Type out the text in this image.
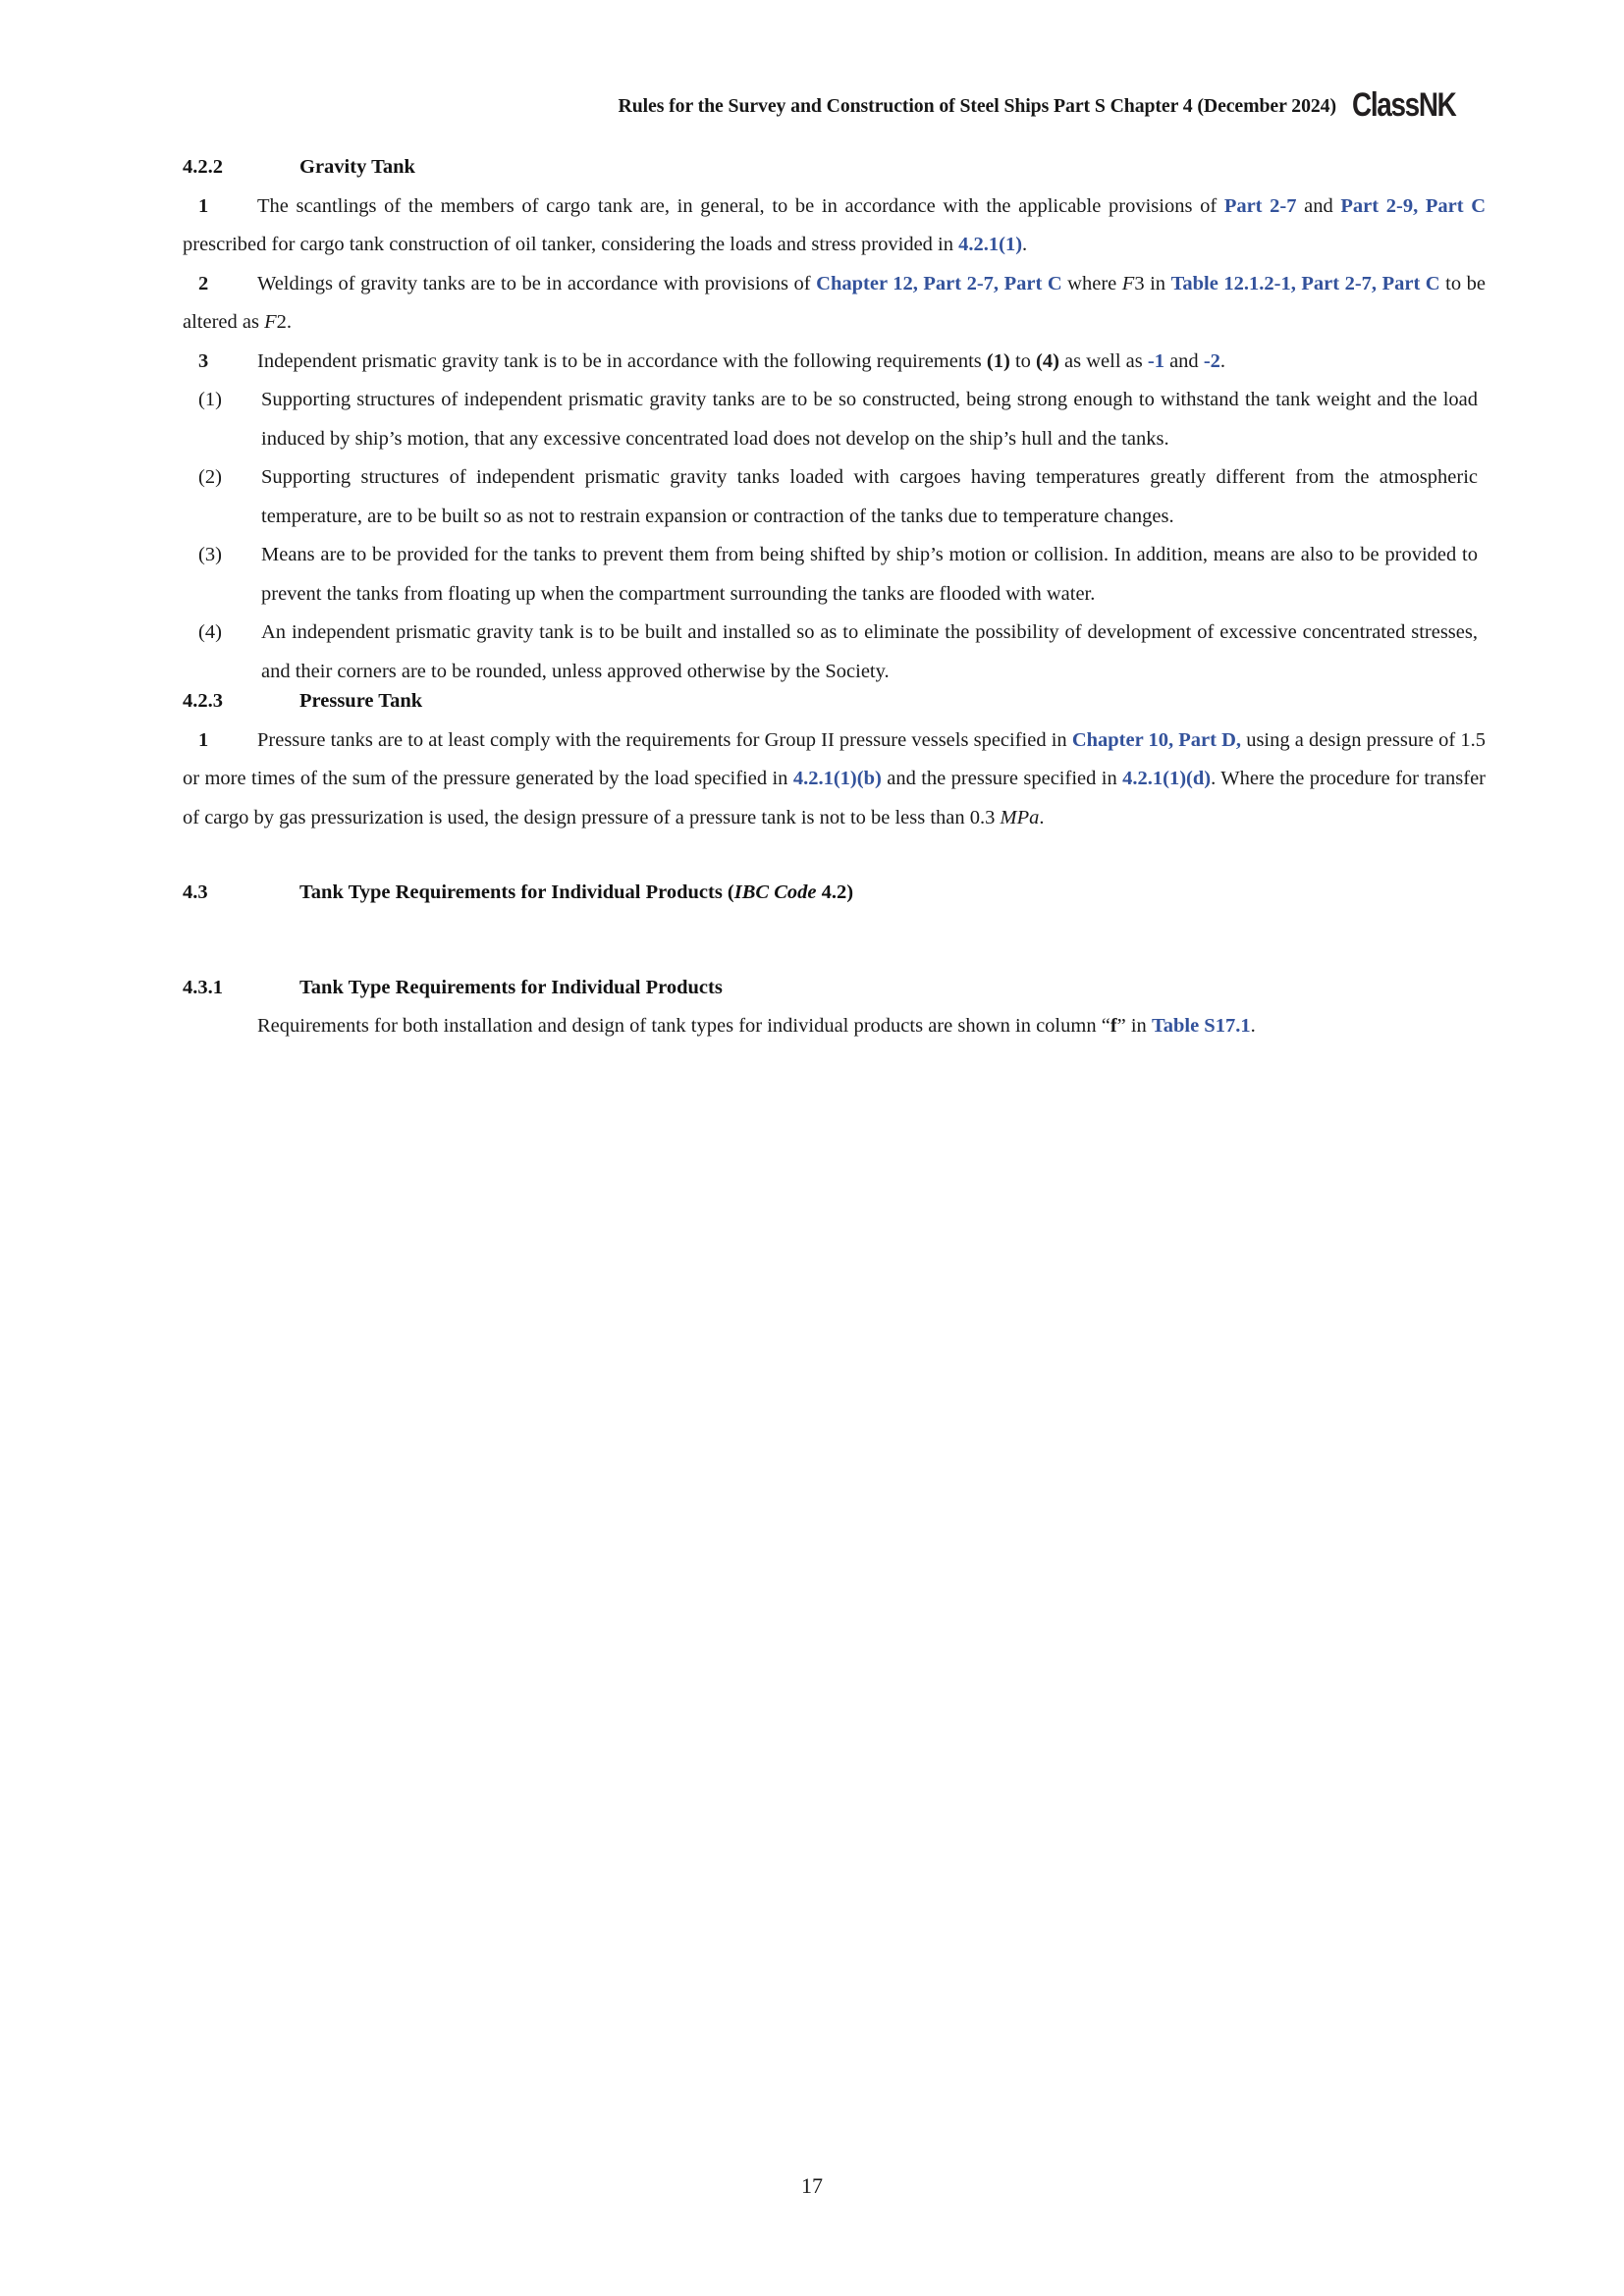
Rules for the Survey and Construction of Steel Ships Part S Chapter 4 (December 2024) ClassNK
4.2.2	Gravity Tank
1 The scantlings of the members of cargo tank are, in general, to be in accordance with the applicable provisions of Part 2-7 and Part 2-9, Part C prescribed for cargo tank construction of oil tanker, considering the loads and stress provided in 4.2.1(1).
2 Weldings of gravity tanks are to be in accordance with provisions of Chapter 12, Part 2-7, Part C where F3 in Table 12.1.2-1, Part 2-7, Part C to be altered as F2.
3 Independent prismatic gravity tank is to be in accordance with the following requirements (1) to (4) as well as -1 and -2.
(1)	Supporting structures of independent prismatic gravity tanks are to be so constructed, being strong enough to withstand the tank weight and the load induced by ship’s motion, that any excessive concentrated load does not develop on the ship’s hull and the tanks.
(2)	Supporting structures of independent prismatic gravity tanks loaded with cargoes having temperatures greatly different from the atmospheric temperature, are to be built so as not to restrain expansion or contraction of the tanks due to temperature changes.
(3)	Means are to be provided for the tanks to prevent them from being shifted by ship’s motion or collision. In addition, means are also to be provided to prevent the tanks from floating up when the compartment surrounding the tanks are flooded with water.
(4)	An independent prismatic gravity tank is to be built and installed so as to eliminate the possibility of development of excessive concentrated stresses, and their corners are to be rounded, unless approved otherwise by the Society.
4.2.3	Pressure Tank
1 Pressure tanks are to at least comply with the requirements for Group II pressure vessels specified in Chapter 10, Part D, using a design pressure of 1.5 or more times of the sum of the pressure generated by the load specified in 4.2.1(1)(b) and the pressure specified in 4.2.1(1)(d). Where the procedure for transfer of cargo by gas pressurization is used, the design pressure of a pressure tank is not to be less than 0.3 MPa.
4.3	Tank Type Requirements for Individual Products (IBC Code 4.2)
4.3.1	Tank Type Requirements for Individual Products
Requirements for both installation and design of tank types for individual products are shown in column “f” in Table S17.1.
17
